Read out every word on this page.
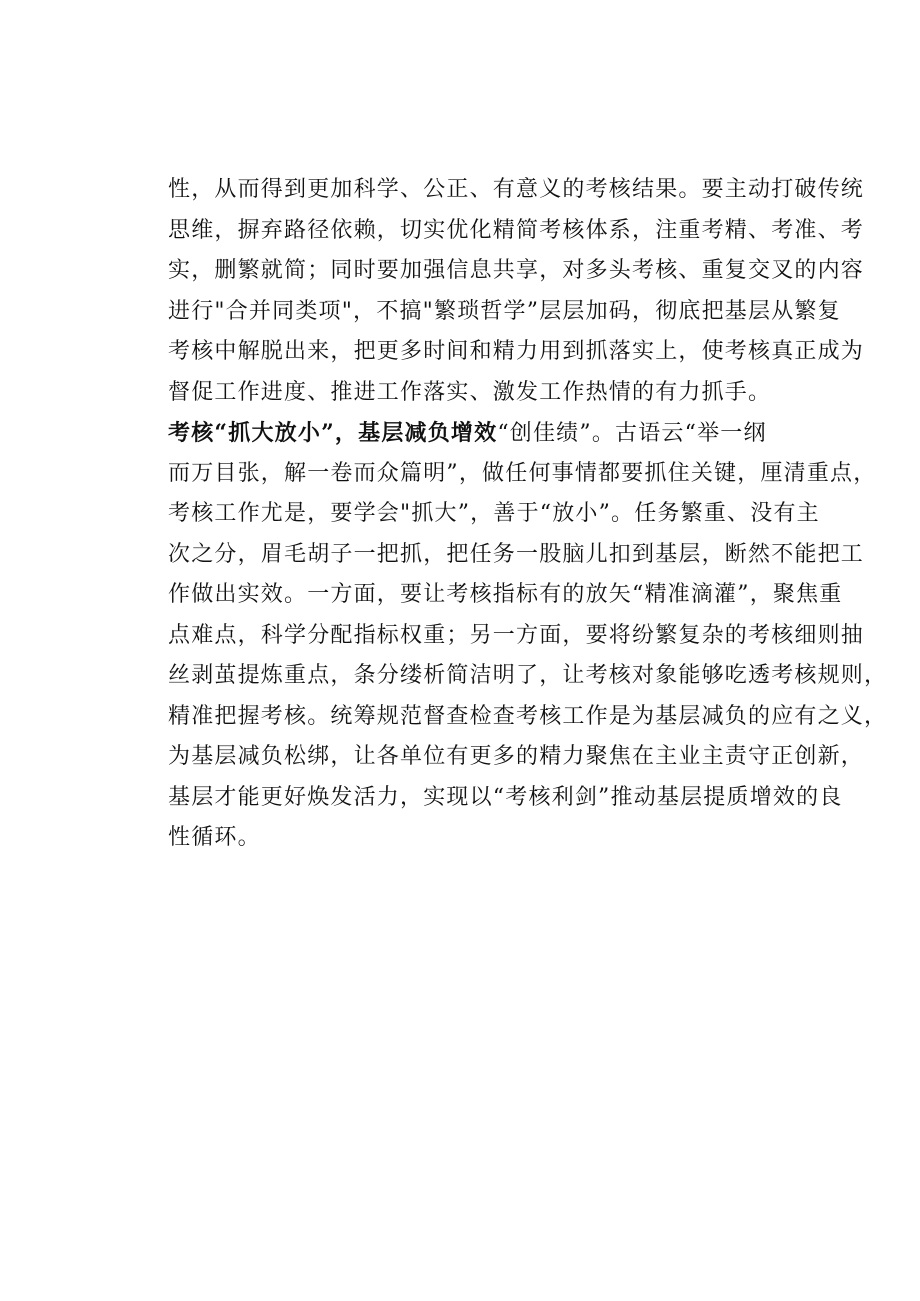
性，从而得到更加科学、公正、有意义的考核结果。要主动打破传统
思维，摒弃路径依赖，切实优化精简考核体系，注重考精、考准、考
实，删繁就简；同时要加强信息共享，对多头考核、重复交叉的内容
进行"合并同类项"，不搞"繁琐哲学”层层加码，彻底把基层从繁复
考核中解脱出来，把更多时间和精力用到抓落实上，使考核真正成为
督促工作进度、推进工作落实、激发工作热情的有力抓手。
考核“抓大放小”，基层减负增效“创佳绩”。古语云“举一纲
而万目张，解一卷而众篇明”，做任何事情都要抓住关键，厘清重点，
考核工作尤是，要学会"抓大”，善于“放小”。任务繁重、没有主
次之分，眉毛胡子一把抓，把任务一股脑儿扣到基层，断然不能把工
作做出实效。一方面，要让考核指标有的放矢“精准滴灌”，聚焦重
点难点，科学分配指标权重；另一方面，要将纷繁复杂的考核细则抽
丝剥茧提炼重点，条分缕析简洁明了，让考核对象能够吃透考核规则，
精准把握考核。统筹规范督查检查考核工作是为基层减负的应有之义，
为基层减负松绑，让各单位有更多的精力聚焦在主业主责守正创新，
基层才能更好焕发活力，实现以“考核利剑”推动基层提质增效的良
性循环。
